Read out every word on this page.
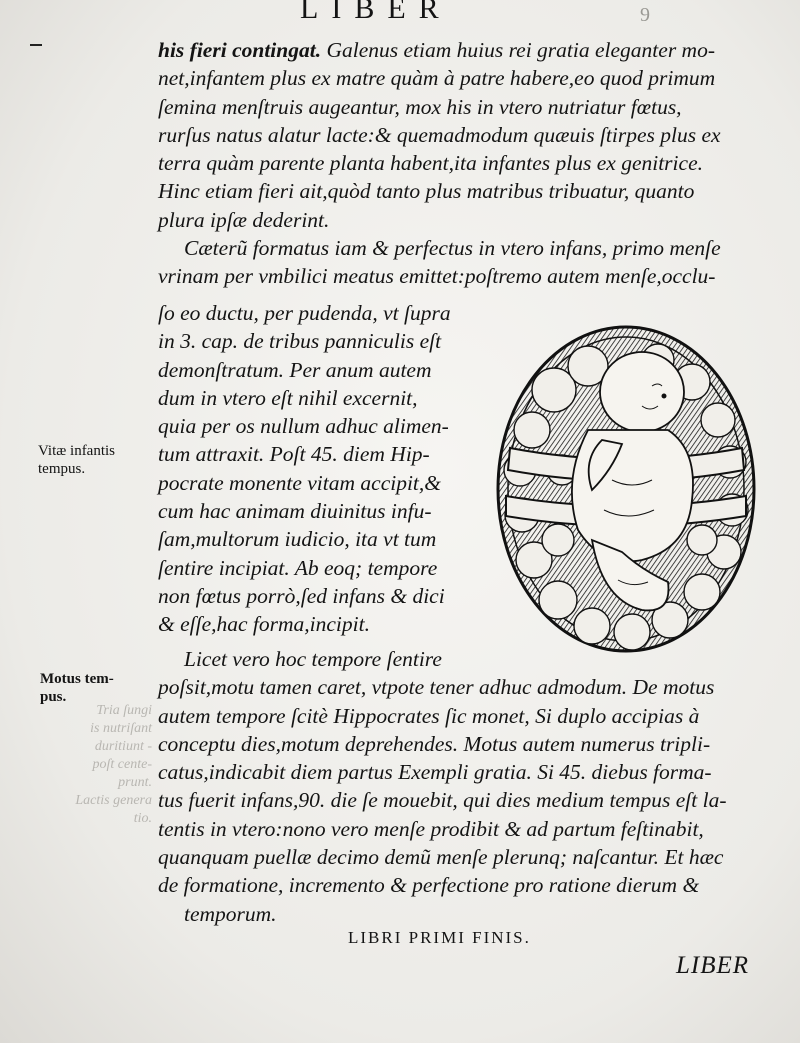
LIBER	9
his fieri contingat. Galenus etiam huius rei gratia eleganter mo-
net,infantem plus ex matre quàm à patre habere,eo quod primum
ſemina menſtruis augeantur, mox his in vtero nutriatur fœtus,
rurſus natus alatur lacte:& quemadmodum quæuis ſtirpes plus ex
terra quàm parente planta habent,ita infantes plus ex genitrice.
Hinc etiam fieri ait,quòd tanto plus matribus tribuatur, quanto
plura ipſæ dederint.
Cæterũ formatus iam & perfectus in vtero infans, primo menſe
vrinam per vmbilici meatus emittet:poſtremo autem menſe,occlu-
ſo eo ductu, per pudenda, vt ſupra
in 3. cap. de tribus panniculis eſt
demonſtratum. Per anum autem
dum in vtero eſt nihil excernit,
quia per os nullum adhuc alimen-
tum attraxit. Poſt 45. diem Hip-
pocrate monente vitam accipit,&
cum hac animam diuinitus infu-
ſam,multorum iudicio, ita vt tum
ſentire incipiat. Ab eoq; tempore
non fœtus porrò,ſed infans & dici
& eſſe,hac forma,incipit.
Licet vero hoc tempore ſentire
poſsit,motu tamen caret, vtpote tener adhuc admodum. De motus
autem tempore ſcitè Hippocrates ſic monet, Si duplo accipias à
conceptu dies,motum deprehendes. Motus autem numerus tripli-
catus,indicabit diem partus Exempli gratia. Si 45. diebus forma-
tus fuerit infans,90. die ſe mouebit, qui dies medium tempus eſt la-
tentis in vtero:nono vero menſe prodibit & ad partum feſtinabit,
quanquam puellæ decimo demũ menſe plerunq; naſcantur. Et hæc
de formatione, incremento & perfectione pro ratione dierum &
temporum.
Vitæ infantis
tempus.
Motus tem-
pus.
Tria ſungi
is nutriſant
duritiunt -
poſt cente-
prunt.
Lactis genera
tio.
LIBRI PRIMI FINIS.
LIBER
